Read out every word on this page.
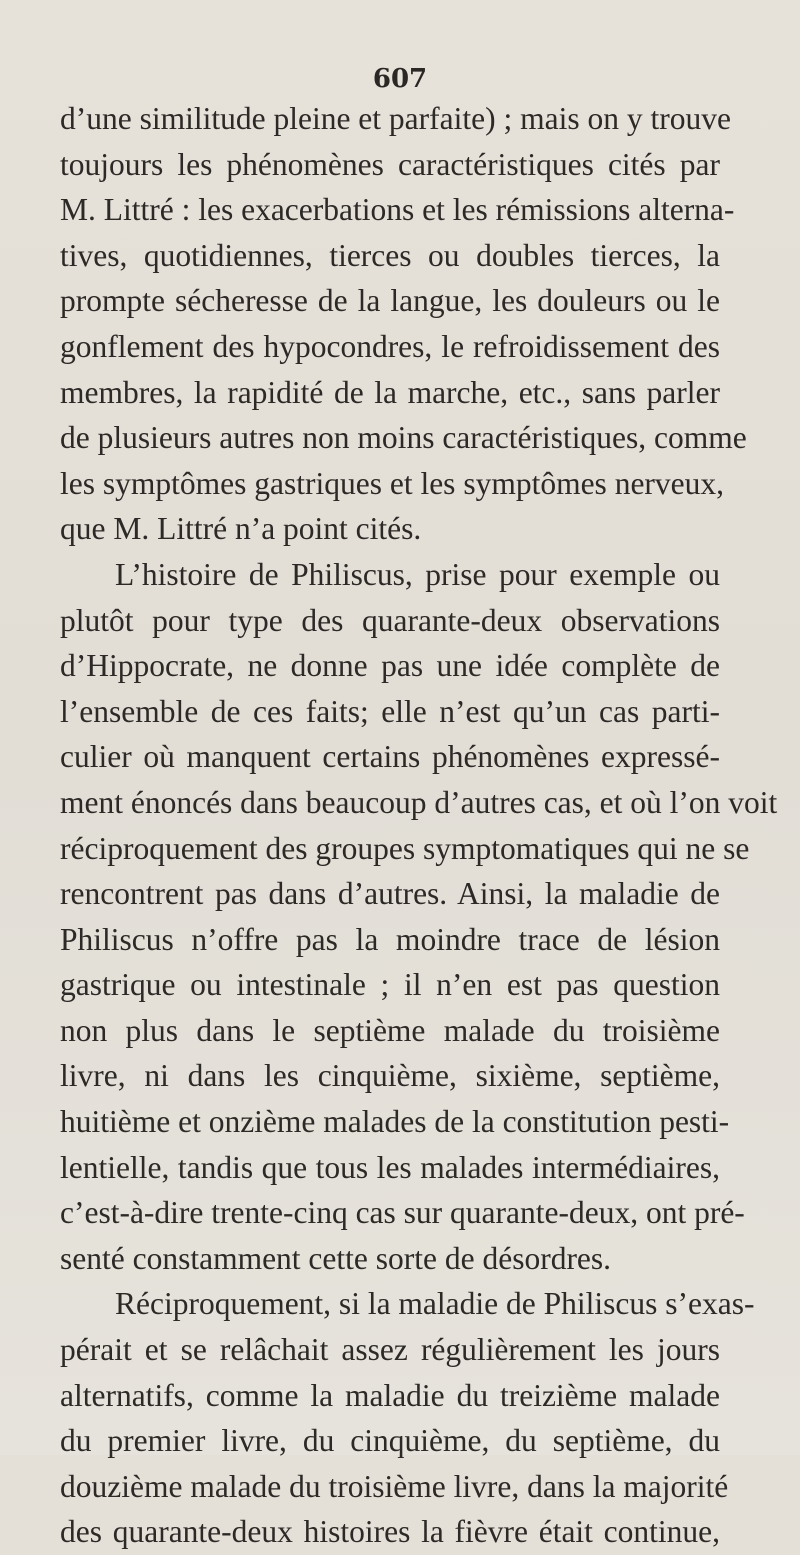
607
d’une similitude pleine et parfaite) ; mais on y trouve
toujours les phénomènes caractéristiques cités par
M. Littré : les exacerbations et les rémissions alterna-
tives, quotidiennes, tierces ou doubles tierces, la
prompte sécheresse de la langue, les douleurs ou le
gonflement des hypocondres, le refroidissement des
membres, la rapidité de la marche, etc., sans parler
de plusieurs autres non moins caractéristiques, comme
les symptômes gastriques et les symptômes nerveux,
que M. Littré n’a point cités.
L’histoire de Philiscus, prise pour exemple ou
plutôt pour type des quarante-deux observations
d’Hippocrate, ne donne pas une idée complète de
l’ensemble de ces faits; elle n’est qu’un cas parti-
culier où manquent certains phénomènes expressé-
ment énoncés dans beaucoup d’autres cas, et où l’on voit
réciproquement des groupes symptomatiques qui ne se
rencontrent pas dans d’autres. Ainsi, la maladie de
Philiscus n’offre pas la moindre trace de lésion
gastrique ou intestinale ; il n’en est pas question
non plus dans le septième malade du troisième
livre, ni dans les cinquième, sixième, septième,
huitième et onzième malades de la constitution pesti-
lentielle, tandis que tous les malades intermédiaires,
c’est-à-dire trente-cinq cas sur quarante-deux, ont pré-
senté constamment cette sorte de désordres.
Réciproquement, si la maladie de Philiscus s’exas-
pérait et se relâchait assez régulièrement les jours
alternatifs, comme la maladie du treizième malade
du premier livre, du cinquième, du septième, du
douzième malade du troisième livre, dans la majorité
des quarante-deux histoires la fièvre était continue,
